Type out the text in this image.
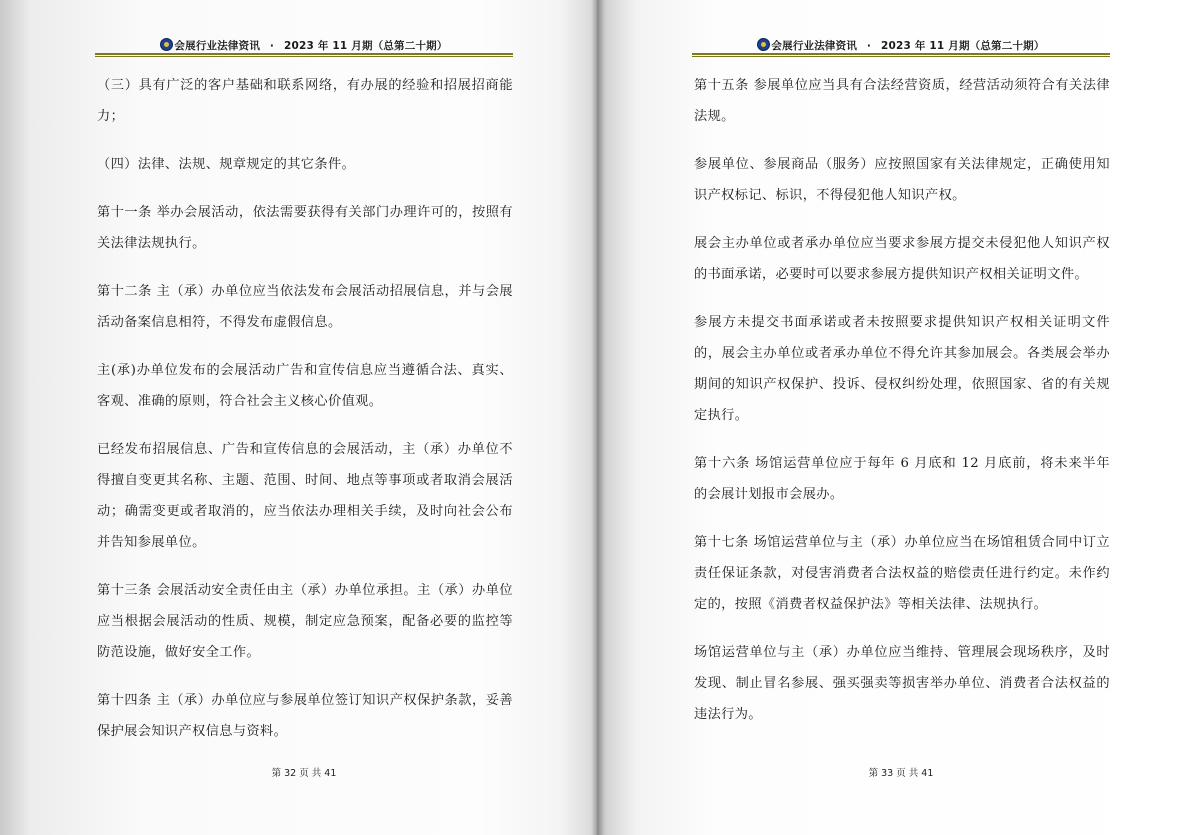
会展行业法律资讯 · 2023 年 11 月期（总第二十期）

（三）具有广泛的客户基础和联系网络，有办展的经验和招展招商能力；

（四）法律、法规、规章规定的其它条件。

第十一条 举办会展活动，依法需要获得有关部门办理许可的，按照有关法律法规执行。

第十二条 主（承）办单位应当依法发布会展活动招展信息，并与会展活动备案信息相符，不得发布虚假信息。

主(承)办单位发布的会展活动广告和宣传信息应当遵循合法、真实、客观、准确的原则，符合社会主义核心价值观。

已经发布招展信息、广告和宣传信息的会展活动，主（承）办单位不得擅自变更其名称、主题、范围、时间、地点等事项或者取消会展活动；确需变更或者取消的，应当依法办理相关手续，及时向社会公布并告知参展单位。

第十三条 会展活动安全责任由主（承）办单位承担。主（承）办单位应当根据会展活动的性质、规模，制定应急预案，配备必要的监控等防范设施，做好安全工作。

第十四条 主（承）办单位应与参展单位签订知识产权保护条款，妥善保护展会知识产权信息与资料。

第 32 页 共 41
会展行业法律资讯 · 2023 年 11 月期（总第二十期）

第十五条 参展单位应当具有合法经营资质，经营活动须符合有关法律法规。

参展单位、参展商品（服务）应按照国家有关法律规定，正确使用知识产权标记、标识，不得侵犯他人知识产权。

展会主办单位或者承办单位应当要求参展方提交未侵犯他人知识产权的书面承诺，必要时可以要求参展方提供知识产权相关证明文件。

参展方未提交书面承诺或者未按照要求提供知识产权相关证明文件的，展会主办单位或者承办单位不得允许其参加展会。各类展会举办期间的知识产权保护、投诉、侵权纠纷处理，依照国家、省的有关规定执行。

第十六条 场馆运营单位应于每年 6 月底和 12 月底前，将未来半年的会展计划报市会展办。

第十七条 场馆运营单位与主（承）办单位应当在场馆租赁合同中订立责任保证条款，对侵害消费者合法权益的赔偿责任进行约定。未作约定的，按照《消费者权益保护法》等相关法律、法规执行。

场馆运营单位与主（承）办单位应当维持、管理展会现场秩序，及时发现、制止冒名参展、强买强卖等损害举办单位、消费者合法权益的违法行为。

第 33 页 共 41
